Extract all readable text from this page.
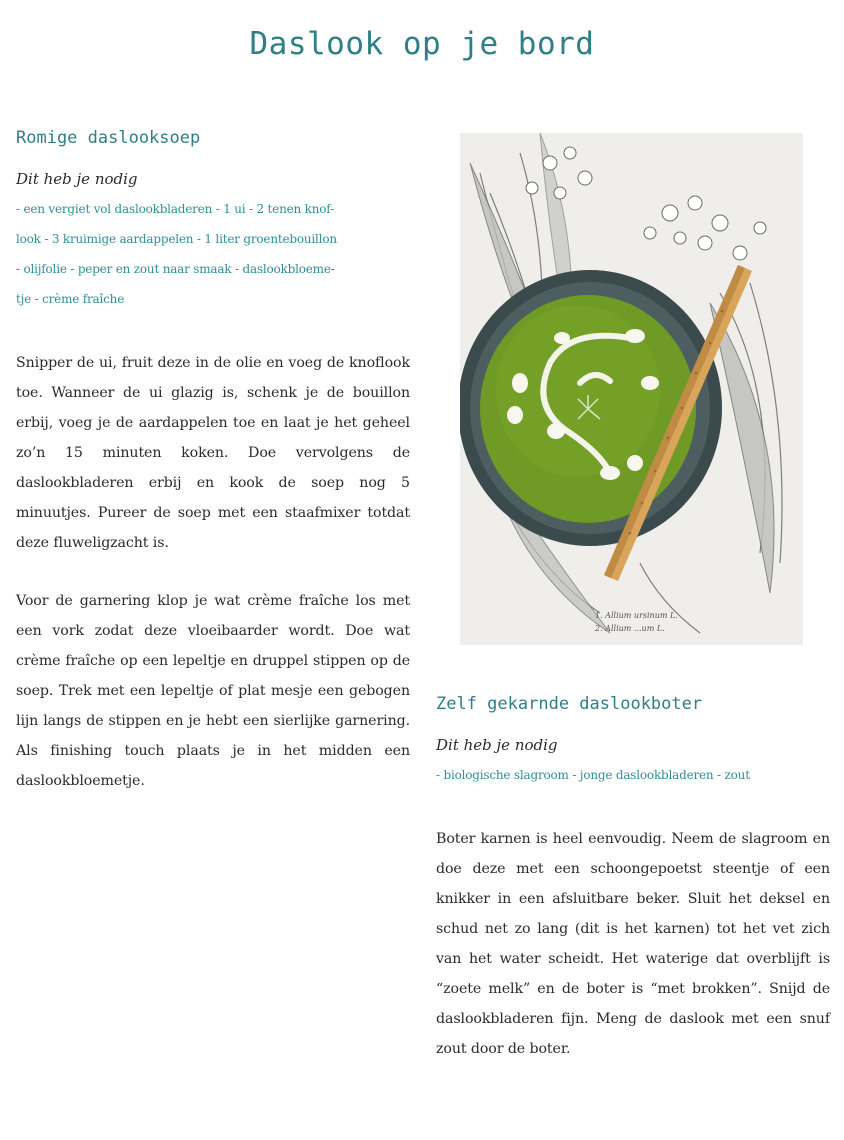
Daslook op je bord
Romige daslooksoep
Dit heb je nodig
- een vergiet vol daslookbladeren - 1 ui - 2 tenen knof-
look - 3 kruimige aardappelen - 1 liter groentebouillon
- olijfolie - peper en zout naar smaak - daslookbloeme-
tje - crème fraîche

Snipper de ui, fruit deze in de olie en voeg de knoflook toe. Wanneer de ui glazig is, schenk je de bouillon erbij, voeg je de aardappelen toe en laat je het geheel zo’n 15 minuten koken. Doe vervolgens de daslookbladeren erbij en kook de soep nog 5 minuutjes. Pureer de soep met een staafmixer totdat deze fluweligzacht is.

Voor de garnering klop je wat crème fraîche los met een vork zodat deze vloeibaarder wordt. Doe wat crème fraîche op een lepeltje en druppel stippen op de soep. Trek met een lepeltje of plat mesje een gebogen lijn langs de stippen en je hebt een sierlijke garnering. Als finishing touch plaats je in het midden een daslookbloemetje.

1. Allium ursinum L.
2. Allium ...um L.
Zelf gekarnde daslookboter
Dit heb je nodig
- biologische slagroom - jonge daslookbladeren - zout

Boter karnen is heel eenvoudig. Neem de slagroom en doe deze met een schoongepoetst steentje of een knikker in een afsluitbare beker. Sluit het deksel en schud net zo lang (dit is het karnen) tot het vet zich van het water scheidt. Het waterige dat overblijft is “zoete melk” en de boter is “met brokken”. Snijd de daslookbladeren fijn. Meng de daslook met een snuf zout door de boter.
